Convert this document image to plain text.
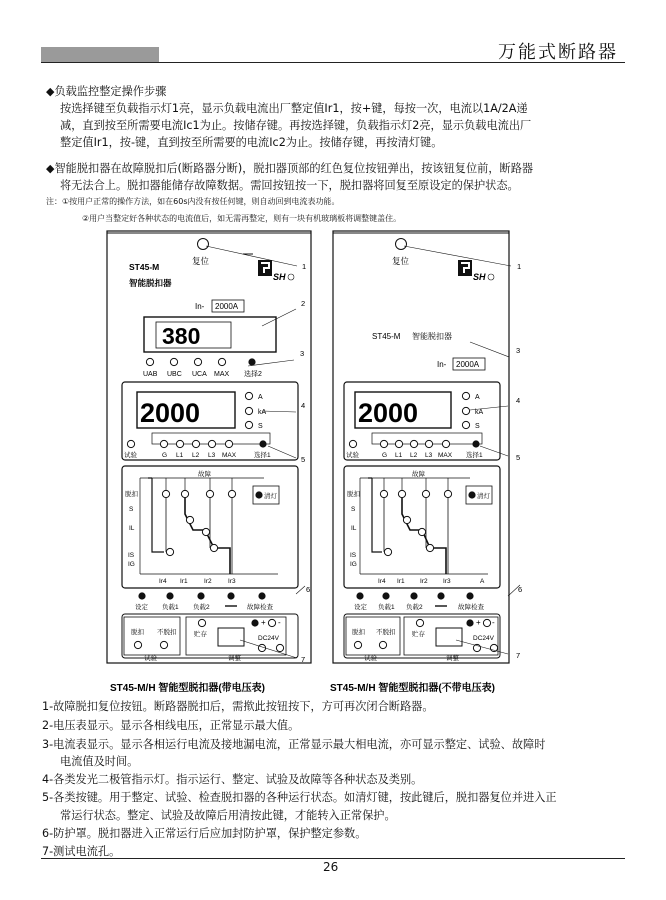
万能式断路器
◆ 负载监控整定操作步骤
按选择键至负载指示灯1亮，显示负载电流出厂整定值Ir1，按+键，每按一次，电流以1A/2A递
减，直到按至所需要电流Ic1为止。按储存键。再按选择键，负载指示灯2亮，显示负载电流出厂
整定值Ir1，按-键，直到按至所需要的电流Ic2为止。按储存键，再按清灯键。
◆ 智能脱扣器在故障脱扣后(断路器分断)，脱扣器顶部的红色复位按钮弹出，按该钮复位前，断路器
将无法合上。脱扣器能储存故障数据。需回按钮按一下，脱扣器将回复至原设定的保护状态。
注：①按用户正常的操作方法，如在60s内没有按任何键，则自动回到电流表功能。
②用户当整定好各种状态的电流值后，如无需再整定，则有一块有机玻璃板将调整键盖住。
复位
ST45-M
智能脱扣器
SH
In- 2000A
380
UAB UBC UCA MAX 选择2
2000
A
kA
S
试验	G L1 L2 L3 MAX	选择1
故障
脱扣
S
IL
IS
IG
Ir4 Ir1	Ir2	Ir3
清灯
设定 负载1 负载2	故障检查
脱扣 不脱扣
试验
贮存
调整
+ -
DC24V
复位
SH
ST45-M 智能脱扣器
In- 2000A
2000
A
kA
S
试验	G L1 L2 L3 MAX 选择1
故障
脱扣
S
IL
IS
IG
Ir4 Ir1 Ir2 Ir3	A
清灯
设定 负载1 负载2	故障检查
脱扣 不脱扣
试验
贮存
调整
+ -
DC24V
1
2
3
4
5
6
7
1
3
4
5
6
7
ST45-M/H 智能型脱扣器(带电压表)	ST45-M/H 智能型脱扣器(不带电压表)
1-故障脱扣复位按钮。断路器脱扣后，需揿此按钮按下，方可再次闭合断路器。
2-电压表显示。显示各相线电压，正常显示最大值。
3-电流表显示。显示各相运行电流及接地漏电流，正常显示最大相电流，亦可显示整定、试验、故障时
电流值及时间。
4-各类发光二极管指示灯。指示运行、整定、试验及故障等各种状态及类别。
5-各类按键。用于整定、试验、检查脱扣器的各种运行状态。如清灯键，按此键后，脱扣器复位并进入正
常运行状态。整定、试验及故障后用清按此键，才能转入正常保护。
6-防护罩。脱扣器进入正常运行后应加封防护罩，保护整定参数。
7-测试电流孔。
26
